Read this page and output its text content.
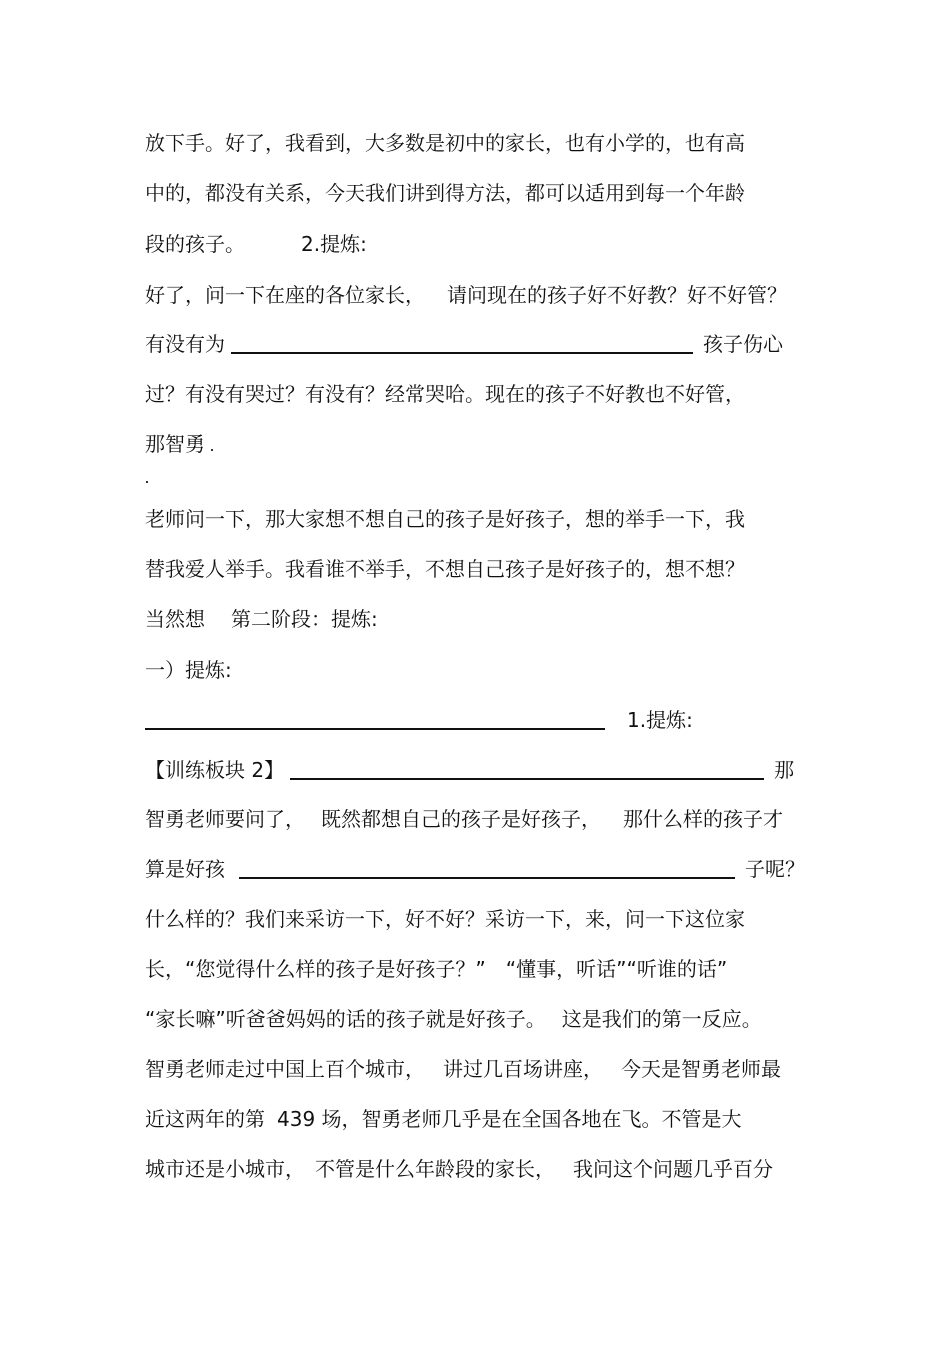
放下手。好了，我看到，大多数是初中的家长，也有小学的，也有高
中的，都没有关系，今天我们讲到得方法，都可以适用到每一个年龄
段的孩子。	2.提炼:
好了，问一下在座的各位家长， 请问现在的孩子好不好教？好不好管？
有没有为	孩子伤心
过？有没有哭过？有没有？经常哭哈。现在的孩子不好教也不好管，
那智勇
老师问一下，那大家想不想自己的孩子是好孩子，想的举手一下，我
替我爱人举手。我看谁不举手，不想自己孩子是好孩子的，想不想？
当然想 第二阶段：提炼:
一）提炼:
1.提炼:
【训练板块 2】	那
智勇老师要问了， 既然都想自己的孩子是好孩子， 那什么样的孩子才
算是好孩	子呢？
什么样的？我们来采访一下，好不好？采访一下，来，问一下这位家
长，“您觉得什么样的孩子是好孩子？” “懂事，听话”“听谁的话”
“家长嘛”听爸爸妈妈的话的孩子就是好孩子。 这是我们的第一反应。
智勇老师走过中国上百个城市， 讲过几百场讲座， 今天是智勇老师最
近这两年的第 439 场，智勇老师几乎是在全国各地在飞。不管是大
城市还是小城市， 不管是什么年龄段的家长， 我问这个问题几乎百分
